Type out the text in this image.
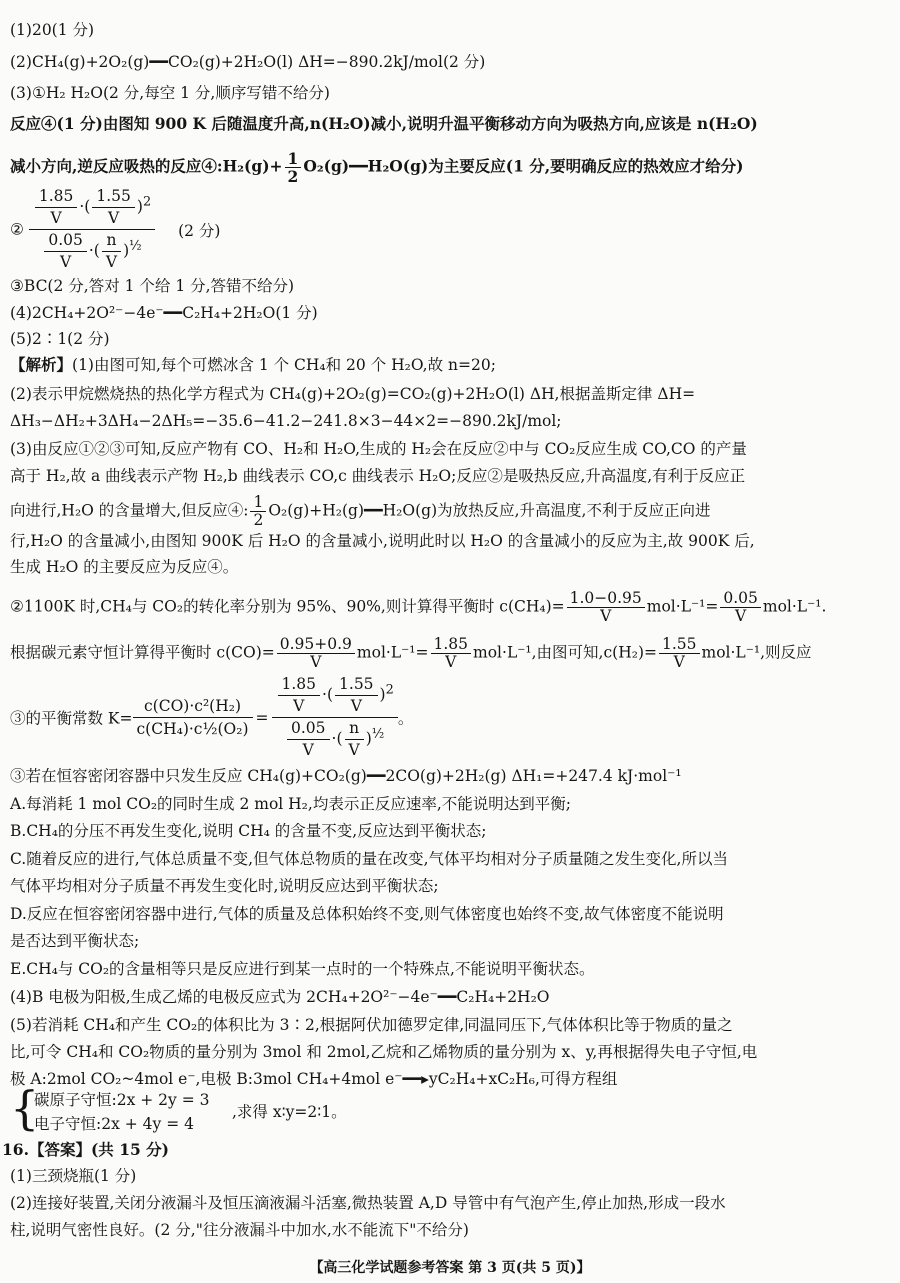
(1)20(1 分)
(2)CH₄(g)+2O₂(g)━━CO₂(g)+2H₂O(l) ΔH=−890.2kJ/mol(2 分)
(3)①H₂ H₂O(2 分,每空 1 分,顺序写错不给分)
反应④(1 分)由图知 900 K 后随温度升高,n(H₂O)减小,说明升温平衡移动方向为吸热方向,应该是 n(H₂O)
减小方向,逆反应吸热的反应④:H₂(g)+ $\frac{1}{2}$ O₂(g)━━H₂O(g)为主要反应(1 分,要明确反应的热效应才给分)
② $\frac{\frac{1.85}{V} \cdot( \frac{1.55}{V} )^2}{\frac{0.05}{V} \cdot( \frac{n}{V} )^{\frac{1}{2}}} (2$ 分)
③BC(2 分,答对 1 个给 1 分,答错不给分)
(4)2CH₄+2O²⁻−4e⁻━━C₂H₄+2H₂O(1 分)
(5)2∶1(2 分)
【解析】(1)由图可知,每个可燃冰含 1 个 CH₄和 20 个 H₂O,故 n=20;
(2)表示甲烷燃烧热的热化学方程式为 CH₄(g)+2O₂(g)=CO₂(g)+2H₂O(l) ΔH,根据盖斯定律 ΔH=
ΔH₃−ΔH₂+3ΔH₄−2ΔH₅=−35.6−41.2−241.8×3−44×2=−890.2kJ/mol;
(3)由反应①②③可知,反应产物有 CO、H₂和 H₂O,生成的 H₂会在反应②中与 CO₂反应生成 CO,CO 的产量
高于 H₂,故 a 曲线表示产物 H₂,b 曲线表示 CO,c 曲线表示 H₂O;反应②是吸热反应,升高温度,有利于反应正
向进行,H₂O 的含量增大,但反应④: $\frac{1}{2}$ O₂(g)+H₂(g)━━H₂O(g)为放热反应,升高温度,不利于反应正向进
行,H₂O 的含量减小,由图知 900K 后 H₂O 的含量减小,说明此时以 H₂O 的含量减小的反应为主,故 900K 后,
生成 H₂O 的主要反应为反应④。
②1100K 时,CH₄与 CO₂的转化率分别为 95%、90%,则计算得平衡时 $c(CH_4)= \frac{1.0-0.95}{V} mol\cdot L^{-1}= \frac{0.05}{V} mol\cdot L^{-1}$.
根据碳元素守恒计算得平衡时 $c(CO)= \frac{0.95+0.9}{V} mol\cdot L^{-1}= \frac{1.85}{V} mol\cdot L^{-1}$,由图可知$,c(H_2)= \frac{1.55}{V} mol\cdot L^{-1}$,则反应
③的平衡常数 $K= \frac{\text{c(CO)·c²(H₂)}}{\text{c(CH₄)·c½(O₂)}} = \frac{\frac{1.85}{V} \cdot( \frac{1.55}{V} )^2}{\frac{0.05}{V} \cdot( \frac{n}{V} )^{\frac{1}{2}}}$ 。
③若在恒容密闭容器中只发生反应 CH₄(g)+CO₂(g)━━2CO(g)+2H₂(g) ΔH₁=+247.4 kJ·mol⁻¹
A.每消耗 1 mol CO₂的同时生成 2 mol H₂,均表示正反应速率,不能说明达到平衡;
B.CH₄的分压不再发生变化,说明 CH₄ 的含量不变,反应达到平衡状态;
C.随着反应的进行,气体总质量不变,但气体总物质的量在改变,气体平均相对分子质量随之发生变化,所以当
气体平均相对分子质量不再发生变化时,说明反应达到平衡状态;
D.反应在恒容密闭容器中进行,气体的质量及总体积始终不变,则气体密度也始终不变,故气体密度不能说明
是否达到平衡状态;
E.CH₄与 CO₂的含量相等只是反应进行到某一点时的一个特殊点,不能说明平衡状态。
(4)B 电极为阳极,生成乙烯的电极反应式为 2CH₄+2O²⁻−4e⁻━━C₂H₄+2H₂O
(5)若消耗 CH₄和产生 CO₂的体积比为 3∶2,根据阿伏加德罗定律,同温同压下,气体体积比等于物质的量之
比,可令 CH₄和 CO₂物质的量分别为 3mol 和 2mol,乙烷和乙烯物质的量分别为 x、y,再根据得失电子守恒,电
极 A:2mol CO₂~4mol e⁻,电极 B:3mol CH₄+4mol e⁻━━▸yC₂H₄+xC₂H₆,可得方程组
{
碳原子守恒:2x + 2y = 3
电子守恒:2x + 4y = 4
,求得 x∶y=2∶1。
16.【答案】(共 15 分)
(1)三颈烧瓶(1 分)
(2)连接好装置,关闭分液漏斗及恒压滴液漏斗活塞,微热装置 A,D 导管中有气泡产生,停止加热,形成一段水
柱,说明气密性良好。(2 分,"往分液漏斗中加水,水不能流下"不给分)
【高三化学试题参考答案 第 3 页(共 5 页)】
